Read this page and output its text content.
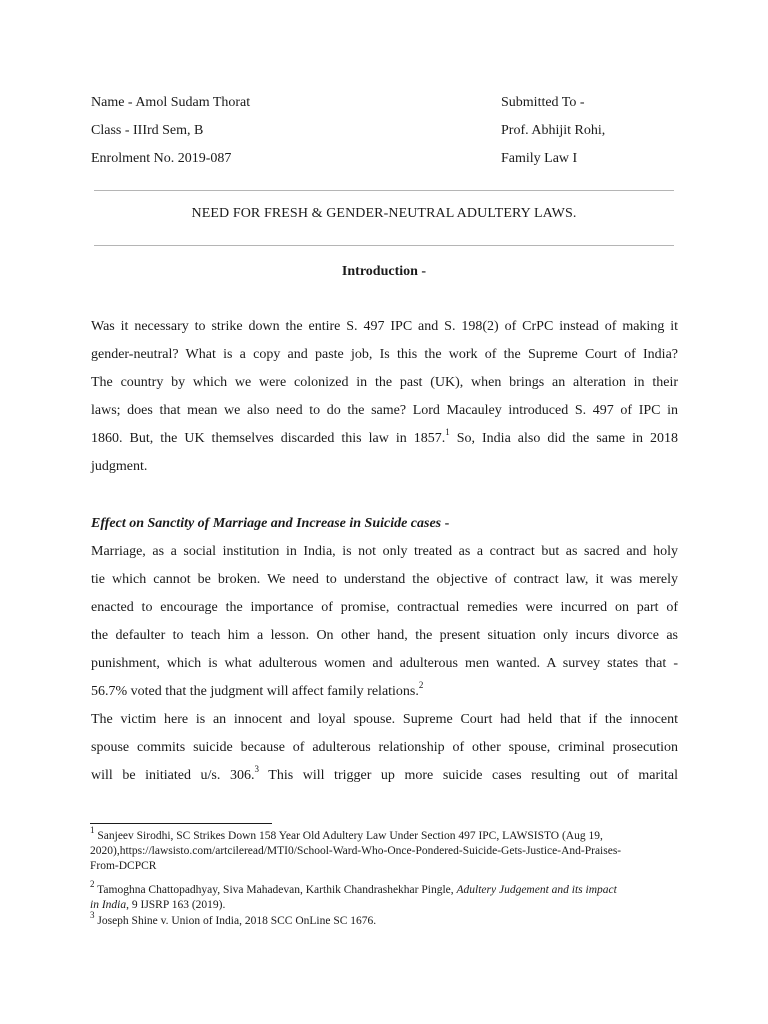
Name - Amol Sudam Thorat
Class - IIIrd Sem, B
Enrolment No. 2019-087
Submitted To -
Prof. Abhijit Rohi,
Family Law I
NEED FOR FRESH & GENDER-NEUTRAL ADULTERY LAWS.
Introduction -
Was it necessary to strike down the entire S. 497 IPC and S. 198(2) of CrPC instead of making it
gender-neutral? What is a copy and paste job, Is this the work of the Supreme Court of India?
The country by which we were colonized in the past (UK), when brings an alteration in their
laws; does that mean we also need to do the same? Lord Macauley introduced S. 497 of IPC in
1860. But, the UK themselves discarded this law in 1857.$^1$ So, India also did the same in 2018
judgment.
Effect on Sanctity of Marriage and Increase in Suicide cases -
Marriage, as a social institution in India, is not only treated as a contract but as sacred and holy
tie which cannot be broken. We need to understand the objective of contract law, it was merely
enacted to encourage the importance of promise, contractual remedies were incurred on part of
the defaulter to teach him a lesson. On other hand, the present situation only incurs divorce as
punishment, which is what adulterous women and adulterous men wanted. A survey states that -
56.7% voted that the judgment will affect family relations.$^2$
The victim here is an innocent and loyal spouse. Supreme Court had held that if the innocent
spouse commits suicide because of adulterous relationship of other spouse, criminal prosecution
will be initiated u/s. 306.$^3$ This will trigger up more suicide cases resulting out of marital

$^1$ Sanjeev Sirodhi, SC Strikes Down 158 Year Old Adultery Law Under Section 497 IPC, LAWSISTO (Aug 19,
2020),https://lawsisto.com/artcileread/MTI0/School-Ward-Who-Once-Pondered-Suicide-Gets-Justice-And-Praises-
From-DCPCR

$^2$ Tamoghna Chattopadhyay, Siva Mahadevan, Karthik Chandrashekhar Pingle, Adultery Judgement and its impact
in India, 9 IJSRP 163 (2019).

$^3$ Joseph Shine v. Union of India, 2018 SCC OnLine SC 1676.
